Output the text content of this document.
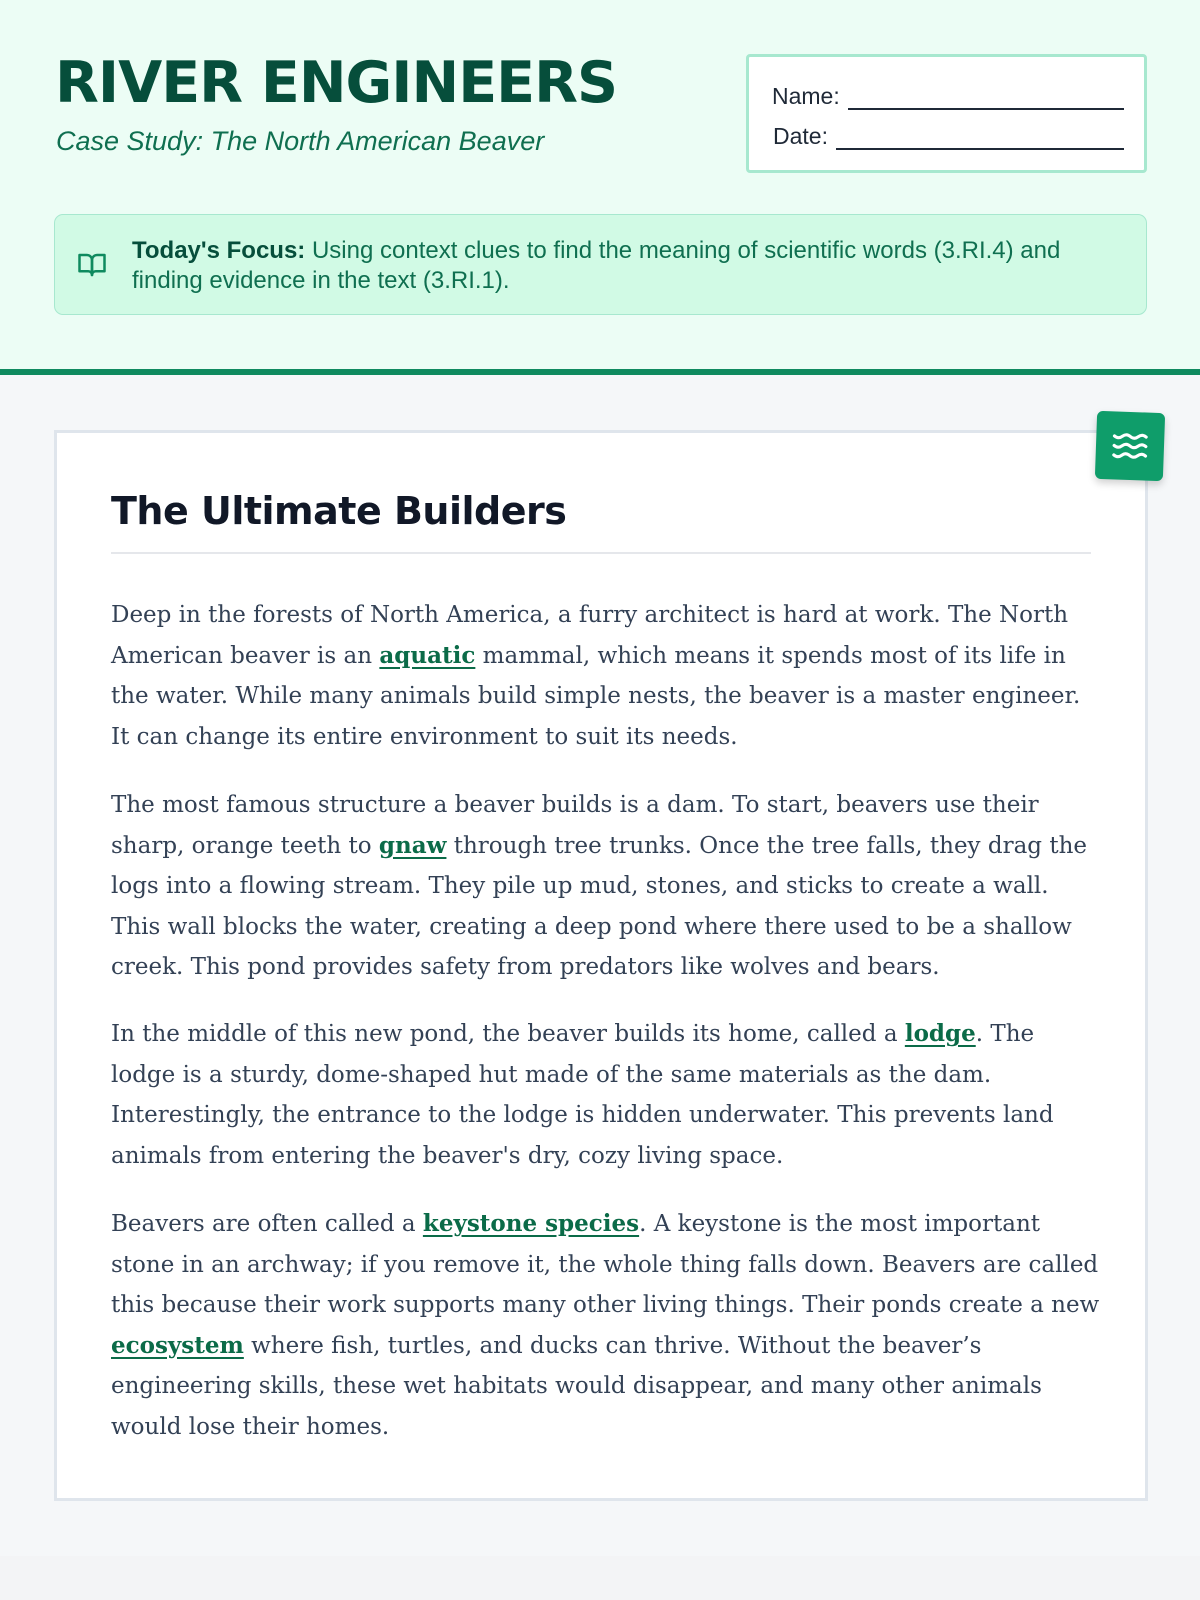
RIVER ENGINEERS
Case Study: The North American Beaver
Name:
Date:
Today's Focus: Using context clues to find the meaning of scientific words (3.RI.4) and finding evidence in the text (3.RI.1).
The Ultimate Builders

Deep in the forests of North America, a furry architect is hard at work. The North American beaver is an aquatic mammal, which means it spends most of its life in the water. While many animals build simple nests, the beaver is a master engineer. It can change its entire environment to suit its needs.

The most famous structure a beaver builds is a dam. To start, beavers use their sharp, orange teeth to gnaw through tree trunks. Once the tree falls, they drag the logs into a flowing stream. They pile up mud, stones, and sticks to create a wall. This wall blocks the water, creating a deep pond where there used to be a shallow creek. This pond provides safety from predators like wolves and bears.

In the middle of this new pond, the beaver builds its home, called a lodge. The lodge is a sturdy, dome-shaped hut made of the same materials as the dam. Interestingly, the entrance to the lodge is hidden underwater. This prevents land animals from entering the beaver's dry, cozy living space.

Beavers are often called a keystone species. A keystone is the most important stone in an archway; if you remove it, the whole thing falls down. Beavers are called this because their work supports many other living things. Their ponds create a new ecosystem where fish, turtles, and ducks can thrive. Without the beaver’s engineering skills, these wet habitats would disappear, and many other animals would lose their homes.
